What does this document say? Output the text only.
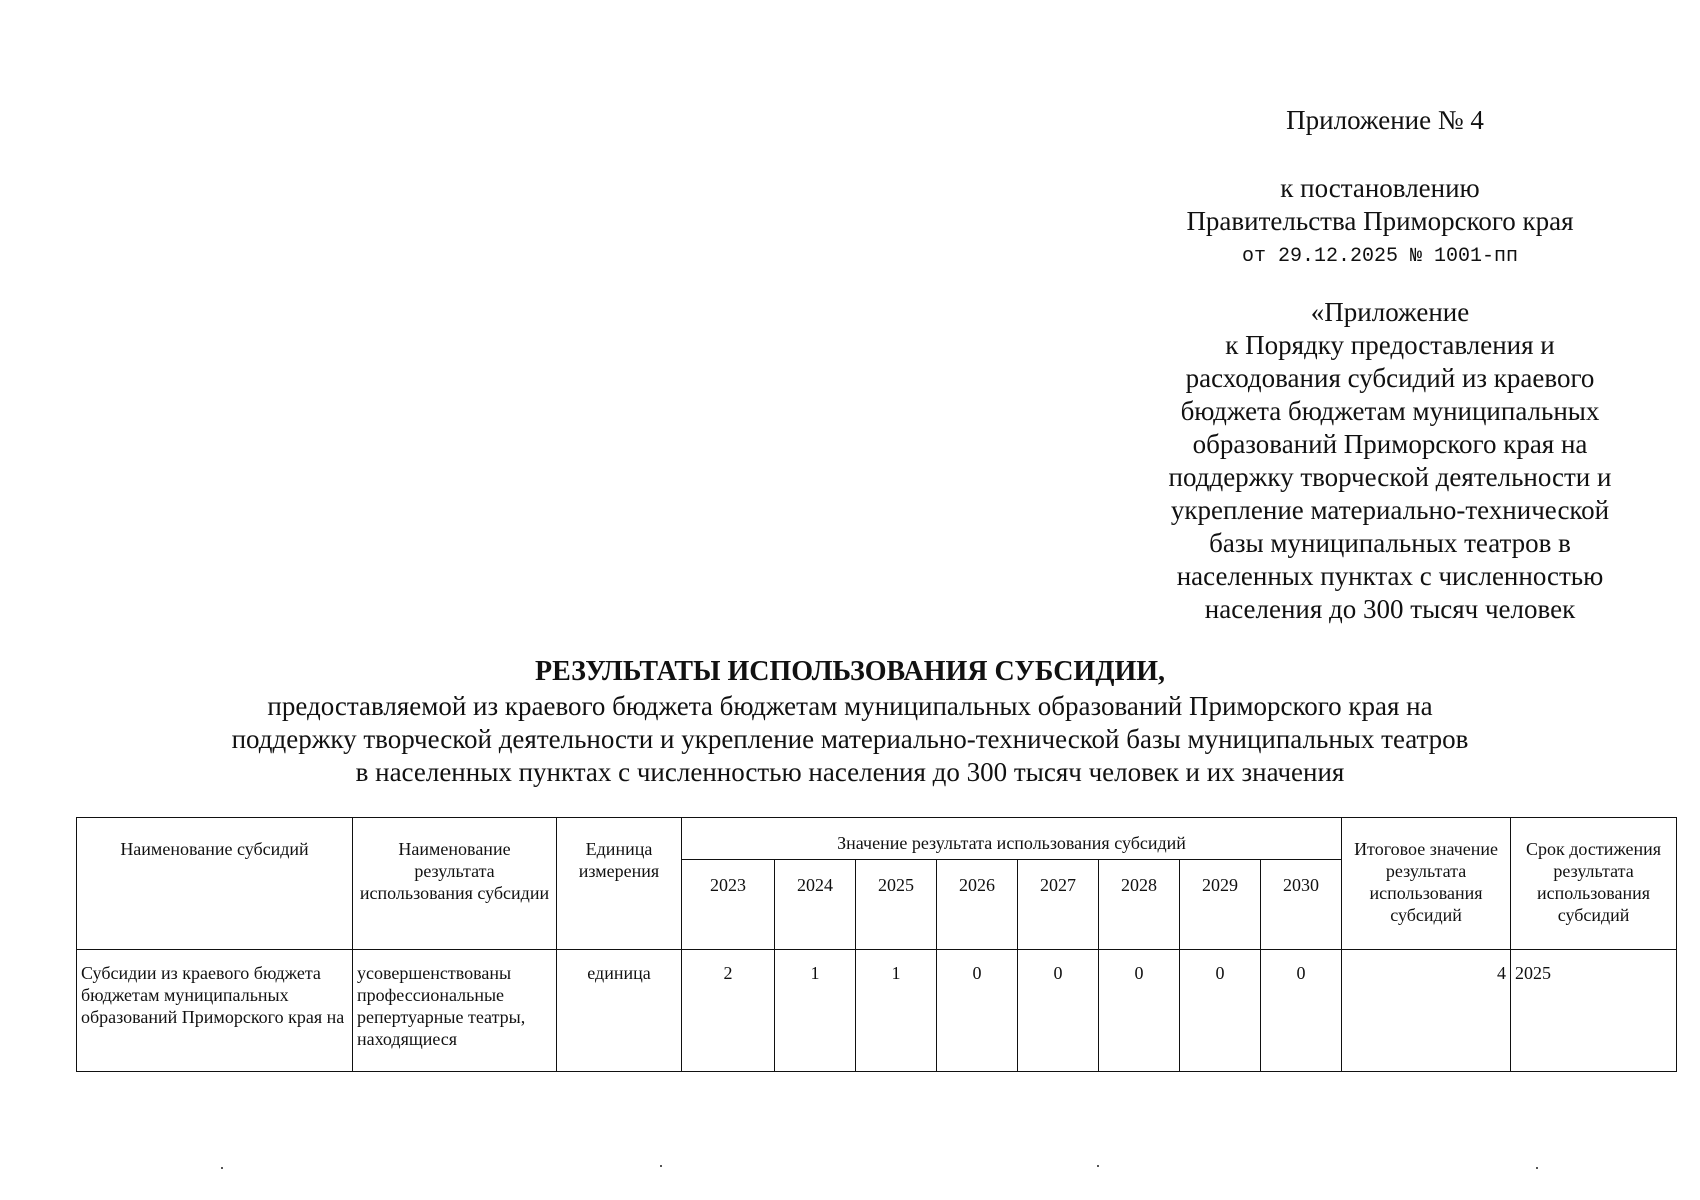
Приложение № 4
к постановлению
Правительства Приморского края
от 29.12.2025 № 1001-пп
«Приложение
к Порядку предоставления и
расходования субсидий из краевого
бюджета бюджетам муниципальных
образований Приморского края на
поддержку творческой деятельности и
укрепление материально-технической
базы муниципальных театров в
населенных пунктах с численностью
населения до 300 тысяч человек
РЕЗУЛЬТАТЫ ИСПОЛЬЗОВАНИЯ СУБСИДИИ,
предоставляемой из краевого бюджета бюджетам муниципальных образований Приморского края на
поддержку творческой деятельности и укрепление материально-технической базы муниципальных театров
в населенных пунктах с численностью населения до 300 тысяч человек и их значения
Наименование субсидий	Наименование результата использования субсидии	Единица измерения	Значение результата использования субсидий								Итоговое значение результата использования субсидий	Срок достижения результата использования субсидий
			2023	2024	2025	2026	2027	2028	2029	2030		
Субсидии из краевого бюджета бюджетам муниципальных образований Приморского края на	усовершенствованы профессиональные репертуарные театры, находящиеся	единица	2	1	1	0	0	0	0	0	4	2025
